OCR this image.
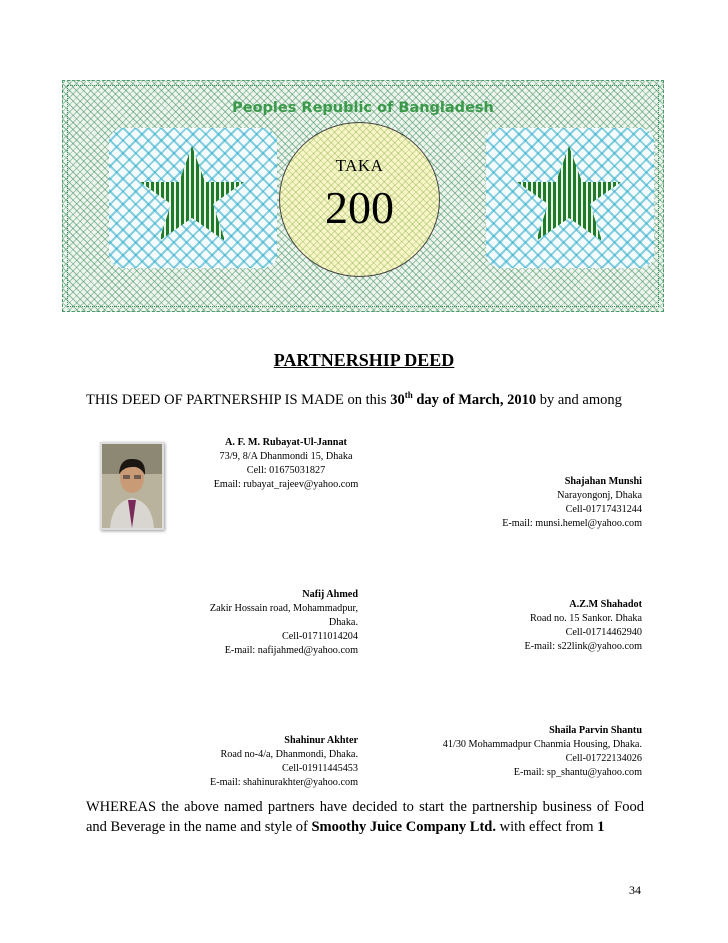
Peoples Republic of Bangladesh
TAKA
200
PARTNERSHIP DEED
THIS DEED OF PARTNERSHIP IS MADE on this 30th day of March, 2010 by and among
A. F. M. Rubayat-Ul-Jannat
73/9, 8/A Dhanmondi 15, Dhaka
Cell: 01675031827
Email: rubayat_rajeev@yahoo.com	Shajahan Munshi
Narayongonj, Dhaka
Cell-01717431244
E-mail: munsi.hemel@yahoo.com
Nafij Ahmed
Zakir Hossain road, Mohammadpur,
Dhaka.
Cell-01711014204
E-mail: nafijahmed@yahoo.com
A.Z.M Shahadot
Road no. 15 Sankor. Dhaka
Cell-01714462940
E-mail: s22link@yahoo.com
Shahinur Akhter
Road no-4/a, Dhanmondi, Dhaka.
Cell-01911445453
E-mail: shahinurakhter@yahoo.com
Shaila Parvin Shantu
41/30 Mohammadpur Chanmia Housing, Dhaka.
Cell-01722134026
E-mail: sp_shantu@yahoo.com
WHEREAS the above named partners have decided to start the partnership business of Food and Beverage in the name and style of Smoothy Juice Company Ltd. with effect from 1
34
